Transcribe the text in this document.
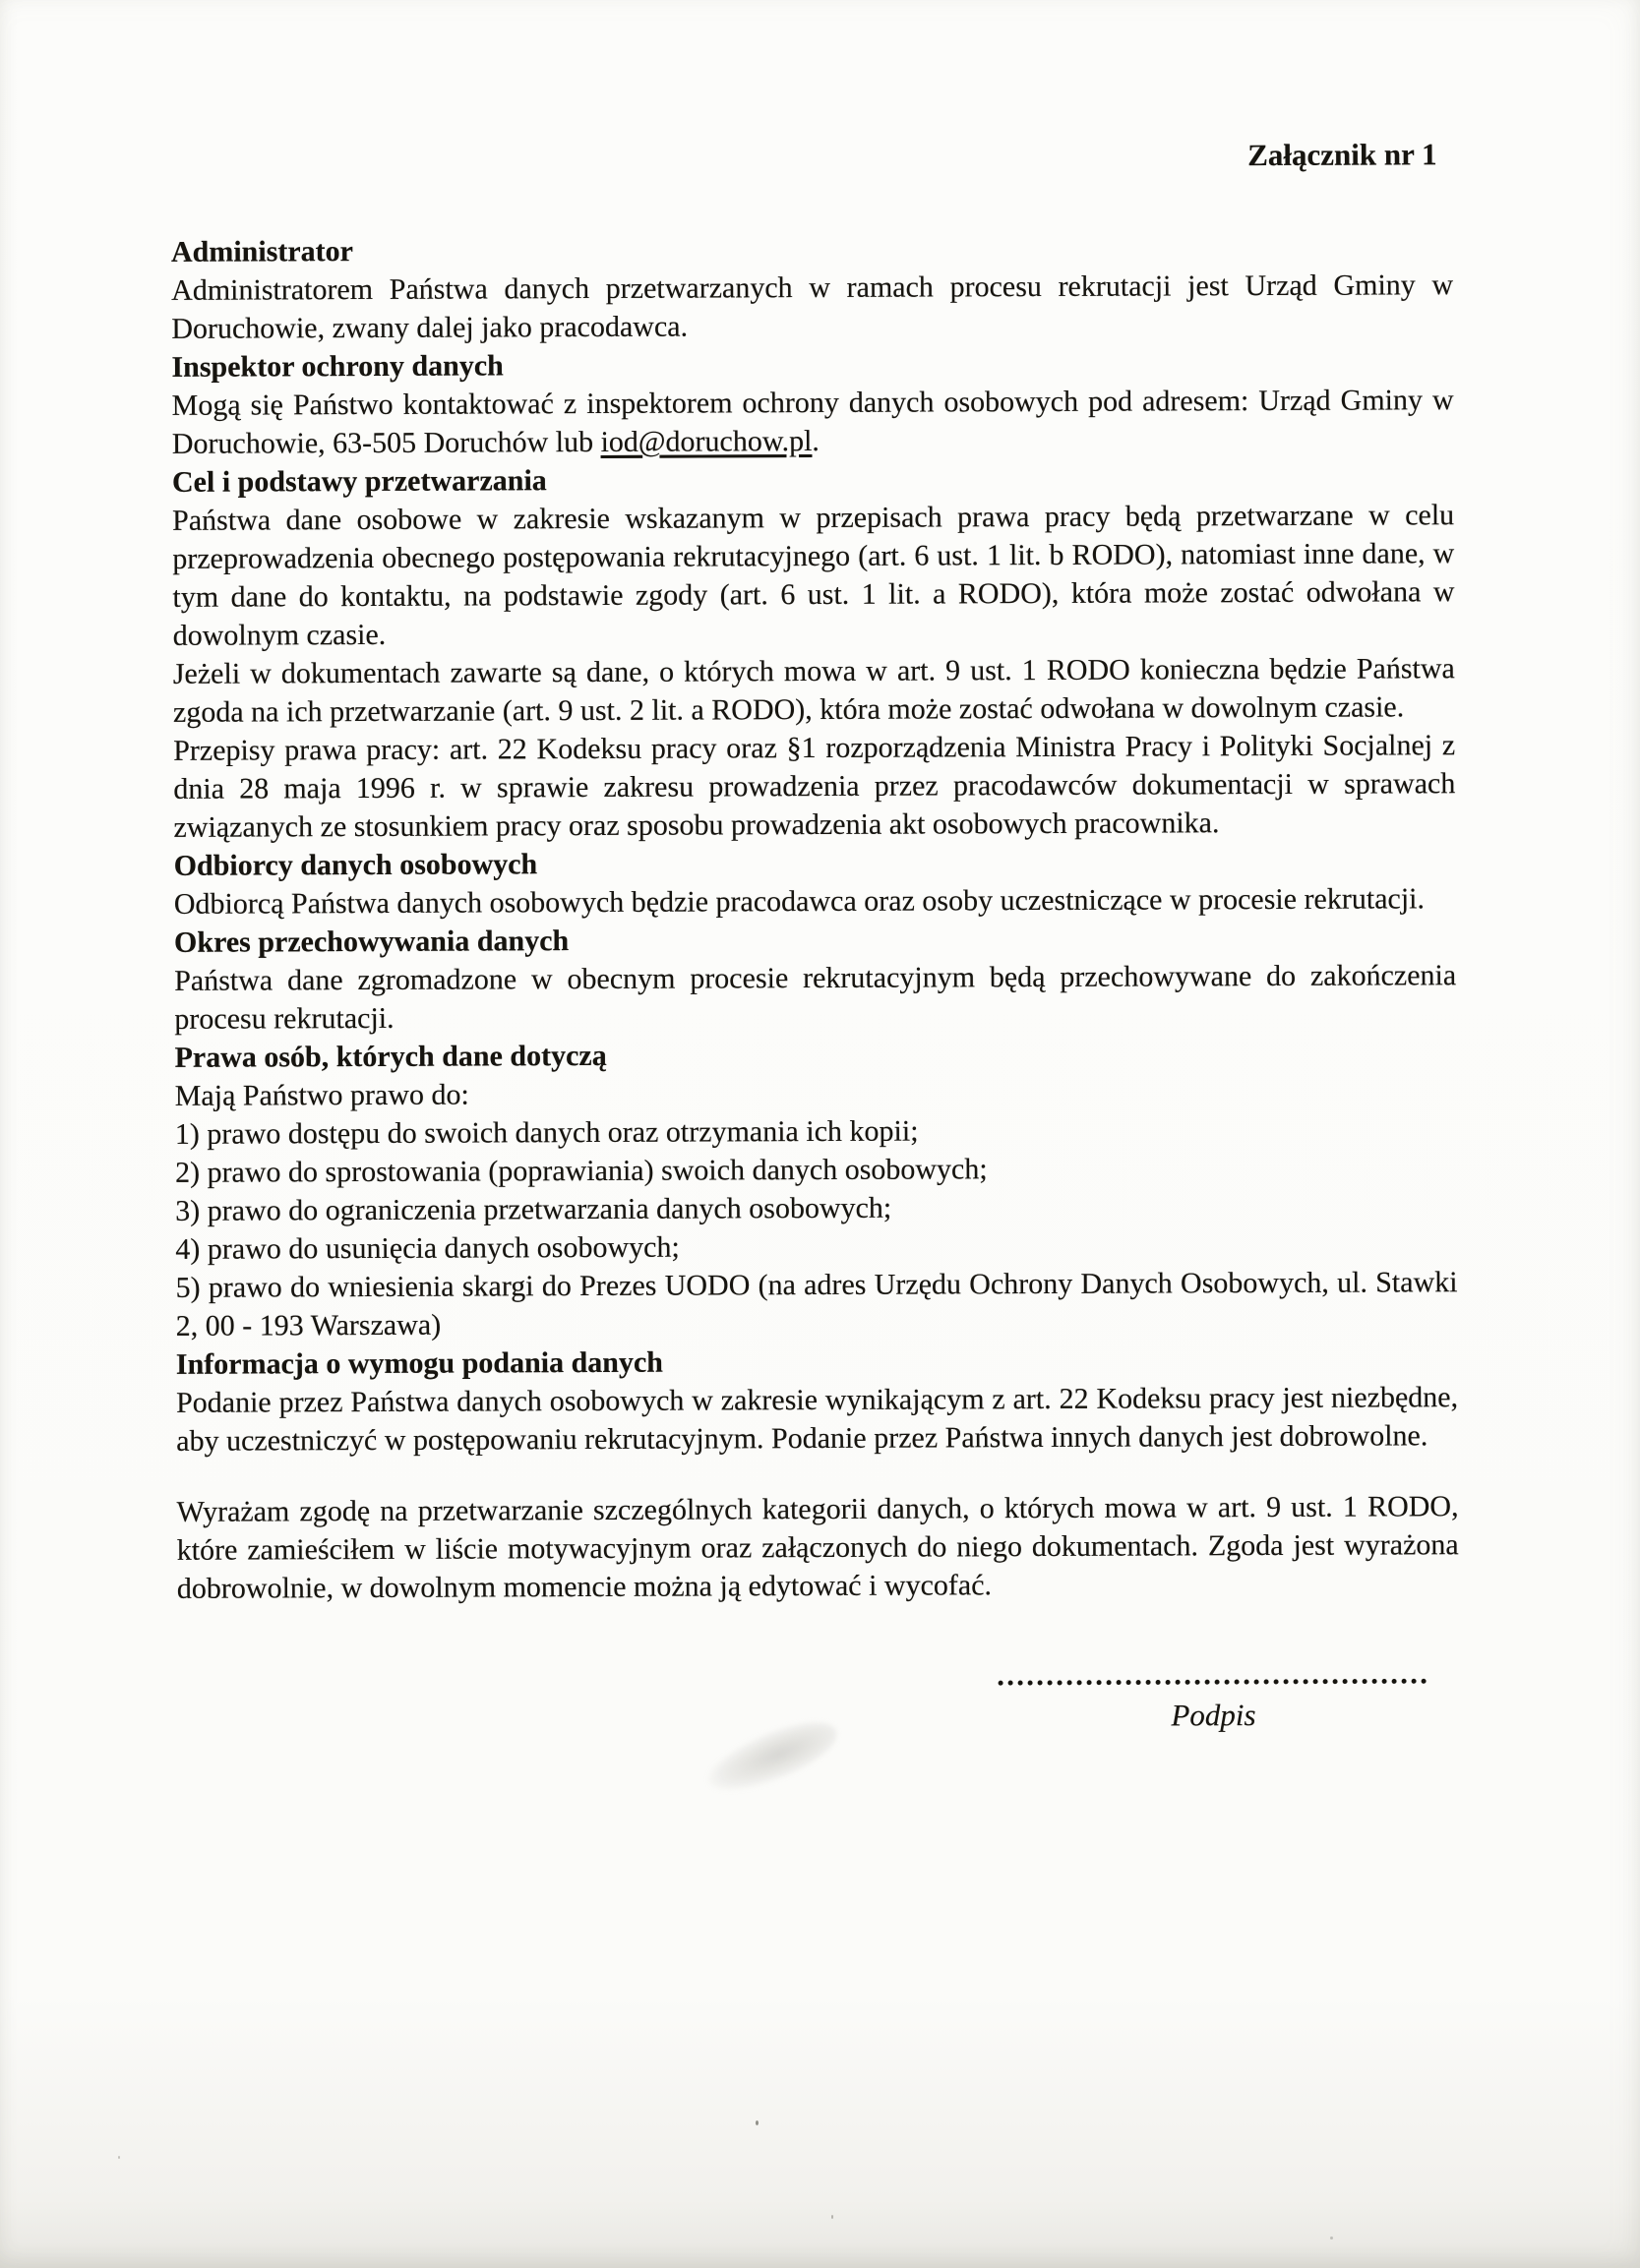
Załącznik nr 1
Administrator

Administratorem Państwa danych przetwarzanych w ramach procesu rekrutacji jest Urząd Gminy w Doruchowie, zwany dalej jako pracodawca.

Inspektor ochrony danych

Mogą się Państwo kontaktować z inspektorem ochrony danych osobowych pod adresem: Urząd Gminy w Doruchowie, 63-505 Doruchów lub iod@doruchow.pl.

Cel i podstawy przetwarzania

Państwa dane osobowe w zakresie wskazanym w przepisach prawa pracy będą przetwarzane w celu przeprowadzenia obecnego postępowania rekrutacyjnego (art. 6 ust. 1 lit. b RODO), natomiast inne dane, w tym dane do kontaktu, na podstawie zgody (art. 6 ust. 1 lit. a RODO), która może zostać odwołana w dowolnym czasie.

Jeżeli w dokumentach zawarte są dane, o których mowa w art. 9 ust. 1 RODO konieczna będzie Państwa zgoda na ich przetwarzanie (art. 9 ust. 2 lit. a RODO), która może zostać odwołana w dowolnym czasie.

Przepisy prawa pracy: art. 22 Kodeksu pracy oraz §1 rozporządzenia Ministra Pracy i Polityki Socjalnej z dnia 28 maja 1996 r. w sprawie zakresu prowadzenia przez pracodawców dokumentacji w sprawach związanych ze stosunkiem pracy oraz sposobu prowadzenia akt osobowych pracownika.

Odbiorcy danych osobowych

Odbiorcą Państwa danych osobowych będzie pracodawca oraz osoby uczestniczące w procesie rekrutacji.

Okres przechowywania danych

Państwa dane zgromadzone w obecnym procesie rekrutacyjnym będą przechowywane do zakończenia procesu rekrutacji.

Prawa osób, których dane dotyczą

Mają Państwo prawo do:

1) prawo dostępu do swoich danych oraz otrzymania ich kopii;

2) prawo do sprostowania (poprawiania) swoich danych osobowych;

3) prawo do ograniczenia przetwarzania danych osobowych;

4) prawo do usunięcia danych osobowych;

5) prawo do wniesienia skargi do Prezes UODO (na adres Urzędu Ochrony Danych Osobowych, ul. Stawki 2, 00 - 193 Warszawa)

Informacja o wymogu podania danych

Podanie przez Państwa danych osobowych w zakresie wynikającym z art. 22 Kodeksu pracy jest niezbędne, aby uczestniczyć w postępowaniu rekrutacyjnym. Podanie przez Państwa innych danych jest dobrowolne.

Wyrażam zgodę na przetwarzanie szczególnych kategorii danych, o których mowa w art. 9 ust. 1 RODO, które zamieściłem w liście motywacyjnym oraz załączonych do niego dokumentach. Zgoda jest wyrażona dobrowolnie, w dowolnym momencie można ją edytować i wycofać.

............................................
Podpis
